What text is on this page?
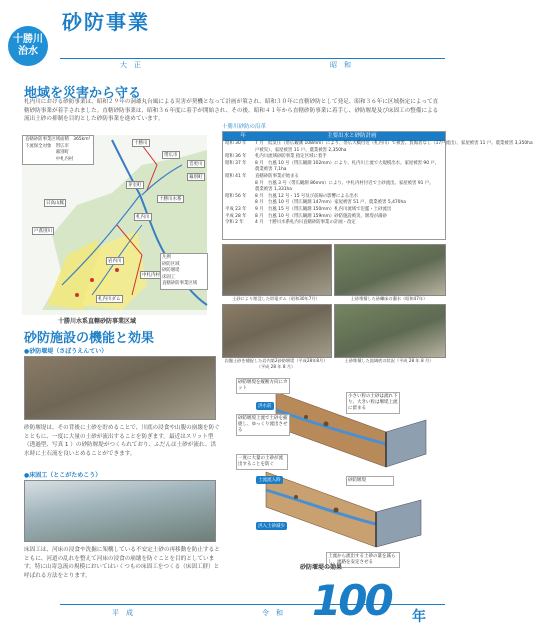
十勝川
治水
砂防事業
大　正	昭　和
地域を災害から守る
札内川における砂防事業は、昭和２９年の洞爺丸台風による災害が契機となって計画が策され、昭和３０年に直轄砂防として発足、昭和３６年に区域指定によって直轄砂防事業が着手されました。直轄砂防事業は、昭和３６年度に着手が開始され、その後、昭和４１年から直轄砂防事業に着手し、砂防堰堤及び床固工の整備による流出土砂の抑制を目的とした砂防事業を進めています。
直轄砂防事業区域面積　365km²
下流保全対象　帯広市
　　　　　　　幕別町
　　　　　　　中札内村
十勝川
音更川
帯広市
幕別町
芽室町
札内川
戸蔦別川
岩内川
中札内村
十勝川水系
日高山脈
札内川ダム
凡例
砂防区域
砂防堰堤
床固工
直轄砂防事業区域
十勝川水系直轄砂防事業区域
十勝川砂防の沿革
年	主要出水と砂防計画
昭和 30 年 7 月　低気圧（帯広観測 108mm）により、帯広大橋付近（札内川）で被害。負傷者なし（17戸流出）、家屋被害 11 戸。農業被害 3,350ha
戸被災）、家屋被害 11 戸、農業被害 2,350ha
昭和 36 年 札内川流域砂防事業 指定区域に着手
昭和 37 年 8 月　台風 10 号（帯広観測 102mm）により、札内川上流で大規模出水。家屋被害 90 戸。
農業被害 7,1ha
昭和 41 年 直轄砂防事業が始まる
8 月　台風 3 号（帯広観測 86mm）により、中札内村付近で土砂流出。家屋被害 91 戸。
農業被害 1,331ha
昭和 56 年 8 月　台風 12 号・15 号及び前線の影響による出水
8 月　台風 10 号（帯広観測 147mm）家屋被害 51 戸、農業被害 5,470ha
平成 23 年 9 月　台風 15 号（帯広観測 150mm）札内川流域で氾濫・土砂流出
平成 28 年 8 月　台風 10 号（帯広観測 159mm）砂防施設被災、堰堤が満砂
令和 2 年	4 月　十勝川水系札内川直轄砂防事業の計画・改定
土砂により埋没した帯電ダム（昭和30年7月）	土砂堆積した砂礫床の濁水（昭和47年）
岩盤土砂を捕捉した岩内第2砂防堰堤（平成28年8月）
（平成 28 年 8 月）
土砂堆積した流域底の状況（平成 28 年 8 月）
砂防施設の機能と効果
●砂防堰堤（さぼうえんてい）
砂防堰堤は、その背後に土砂を貯めることで、川底の浸食や山腹の崩壊を防ぐとともに、一度に大量の土砂が流出することを防ぎます。最近はスリット型（透過型、写真 1 ）の砂防堰堤がつくられており、ふだんは土砂が流れ、洪水時に土石流を良いとめることができます。
●床固工（とこがためこう）
床固工は、河床の浸食や洗掘に架構している不安定土砂の再移動を防止するとともに、河道の乱れを整えて河床の浸食の崩壊を防ぐことを目的としています。特に山寄急流の規模においてはいくつもの床固工をつくる（床固工群）と呼ばれる方法をとります。
砂防堰堤を縦断方向にカット
洪水前
砂防堰堤上流で土砂を捕捉し、ゆっくり流出させる
一度に大量の土砂が流出することを防ぐ
小さい粒の土砂は流れ下り、大きい粒は堰堤上流に留まる
土流流入時
洪入土砂減少
砂防堰堤
上流から流出する土砂の量を減らし、流路を安定させる
砂防堰堤の効果
平　成	令　和 100 年
